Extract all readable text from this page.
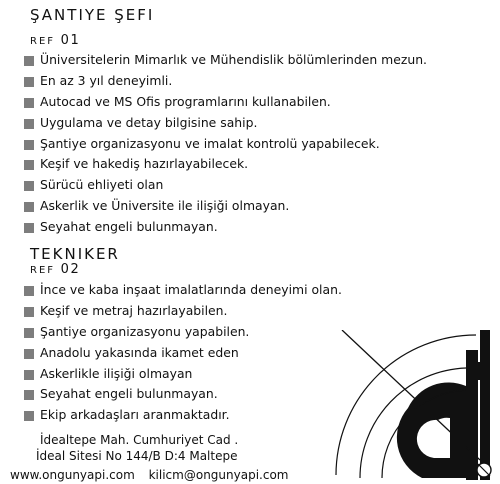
ŞANTIYE ŞEFI
REF 01
Üniversitelerin Mimarlık ve Mühendislik bölümlerinden mezun.
En az 3 yıl deneyimli.
Autocad ve MS Ofis programlarını kullanabilen.
Uygulama ve detay bilgisine sahip.
Şantiye organizasyonu ve imalat kontrolü yapabilecek.
Keşif ve hakediş hazırlayabilecek.
Sürücü ehliyeti olan
Askerlik ve Üniversite ile ilişiği olmayan.
Seyahat engeli bulunmayan.
TEKNIKER
REF 02
İnce ve kaba inşaat imalatlarında deneyimi olan.
Keşif ve metraj hazırlayabilen.
Şantiye organizasyonu yapabilen.
Anadolu yakasında ikamet eden
Askerlikle ilişiği olmayan
Seyahat engeli bulunmayan.
Ekip arkadaşları aranmaktadır.
İdealtepe Mah. Cumhuriyet Cad .
İdeal Sitesi No 144/B D:4 Maltepe
www.ongunyapi.com kilicm@ongunyapi.com
